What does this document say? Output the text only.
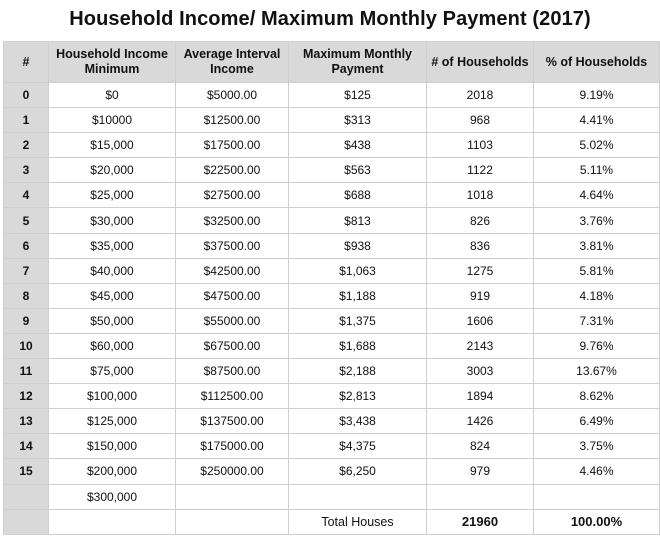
Household Income/ Maximum Monthly Payment (2017)
#	Household Income Minimum	Average Interval Income	Maximum Monthly Payment	# of Households	% of Households
0	$0	$5000.00	$125	2018	9.19%
1	$10000	$12500.00	$313	968	4.41%
2	$15,000	$17500.00	$438	1103	5.02%
3	$20,000	$22500.00	$563	1122	5.11%
4	$25,000	$27500.00	$688	1018	4.64%
5	$30,000	$32500.00	$813	826	3.76%
6	$35,000	$37500.00	$938	836	3.81%
7	$40,000	$42500.00	$1,063	1275	5.81%
8	$45,000	$47500.00	$1,188	919	4.18%
9	$50,000	$55000.00	$1,375	1606	7.31%
10	$60,000	$67500.00	$1,688	2143	9.76%
11	$75,000	$87500.00	$2,188	3003	13.67%
12	$100,000	$112500.00	$2,813	1894	8.62%
13	$125,000	$137500.00	$3,438	1426	6.49%
14	$150,000	$175000.00	$4,375	824	3.75%
15	$200,000	$250000.00	$6,250	979	4.46%
	$300,000				
			Total Houses	21960	100.00%
